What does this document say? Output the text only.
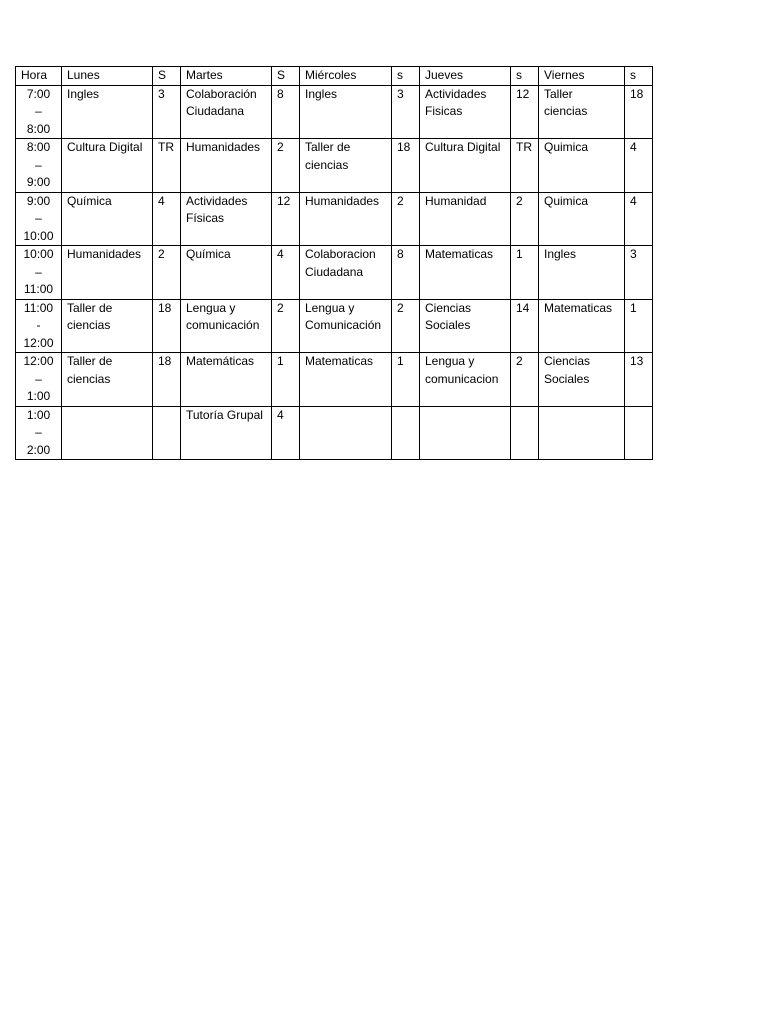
Hora	Lunes	S	Martes	S	Miércoles	s	Jueves	s	Viernes	s

7:00
–
8:00	Ingles	3	Colaboración Ciudadana	8	Ingles	3	Actividades Fisicas	12	Taller ciencias	18

8:00
–
9:00	Cultura Digital	TR	Humanidades	2	Taller de ciencias	18	Cultura Digital	TR	Quimica	4

9:00
–
10:00	Química	4	Actividades Físicas	12	Humanidades	2	Humanidad	2	Quimica	4

10:00
–
11:00	Humanidades	2	Química	4	Colaboracion Ciudadana	8	Matematicas	1	Ingles	3

11:00
-
12:00	Taller de ciencias	18	Lengua y comunicación	2	Lengua y Comunicación	2	Ciencias Sociales	14	Matematicas	1

12:00
–
1:00	Taller de ciencias	18	Matemáticas	1	Matematicas	1	Lengua y comunicacion	2	Ciencias Sociales	13

1:00
–
2:00			Tutoría Grupal	4						
